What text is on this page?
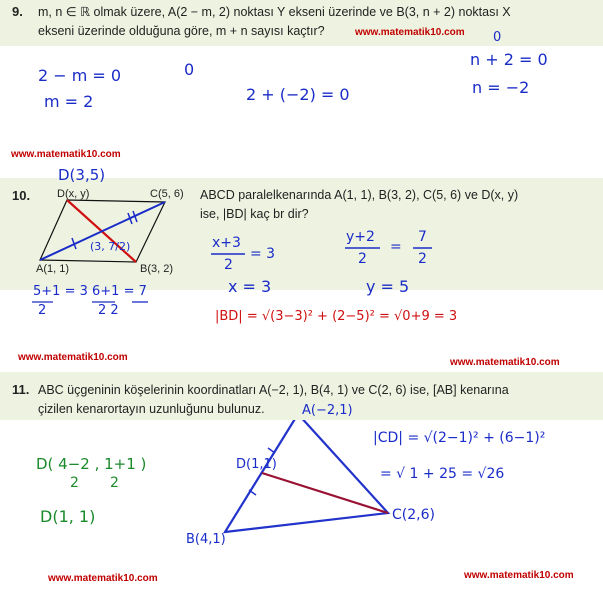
9. m, n ∈ ℝ olmak üzere, A(2 − m, 2) noktası Y ekseni üzerinde ve B(3, n + 2) noktası X
ekseni üzerinde olduğuna göre, m + n sayısı kaçtır?	www.matematik10.com
0
0
2 − m = 0
m = 2	2 + (−2) = 0
n + 2 = 0
n = −2
www.matematik10.com
10.	ABCD paralelkenarında A(1, 1), B(3, 2), C(5, 6) ve D(x, y)
ise, |BD| kaç br dir?
D(x, y)	C(5, 6)
A(1, 1)	B(3, 2)
D(3,5)
(3, 7/2)	x+3
2
= 3
y+2
2
=
7
2
x = 3	y = 5
5+1 = 3
2
6+1 = 7
2 2	|BD| = √(3−3)² + (2−5)² = √0+9 = 3
www.matematik10.com	www.matematik10.com
11. ABC üçgeninin köşelerinin koordinatları A(−2, 1), B(4, 1) ve C(2, 6) ise, [AB] kenarına
çizilen kenarortayın uzunluğunu bulunuz.	A(−2,1)
D(1,1)
B(4,1)
C(2,6)
D( 4−2 , 1+1 )
2       2
D(1, 1)
|CD| = √(2−1)² + (6−1)²
= √ 1 + 25 = √26
www.matematik10.com	www.matematik10.com
